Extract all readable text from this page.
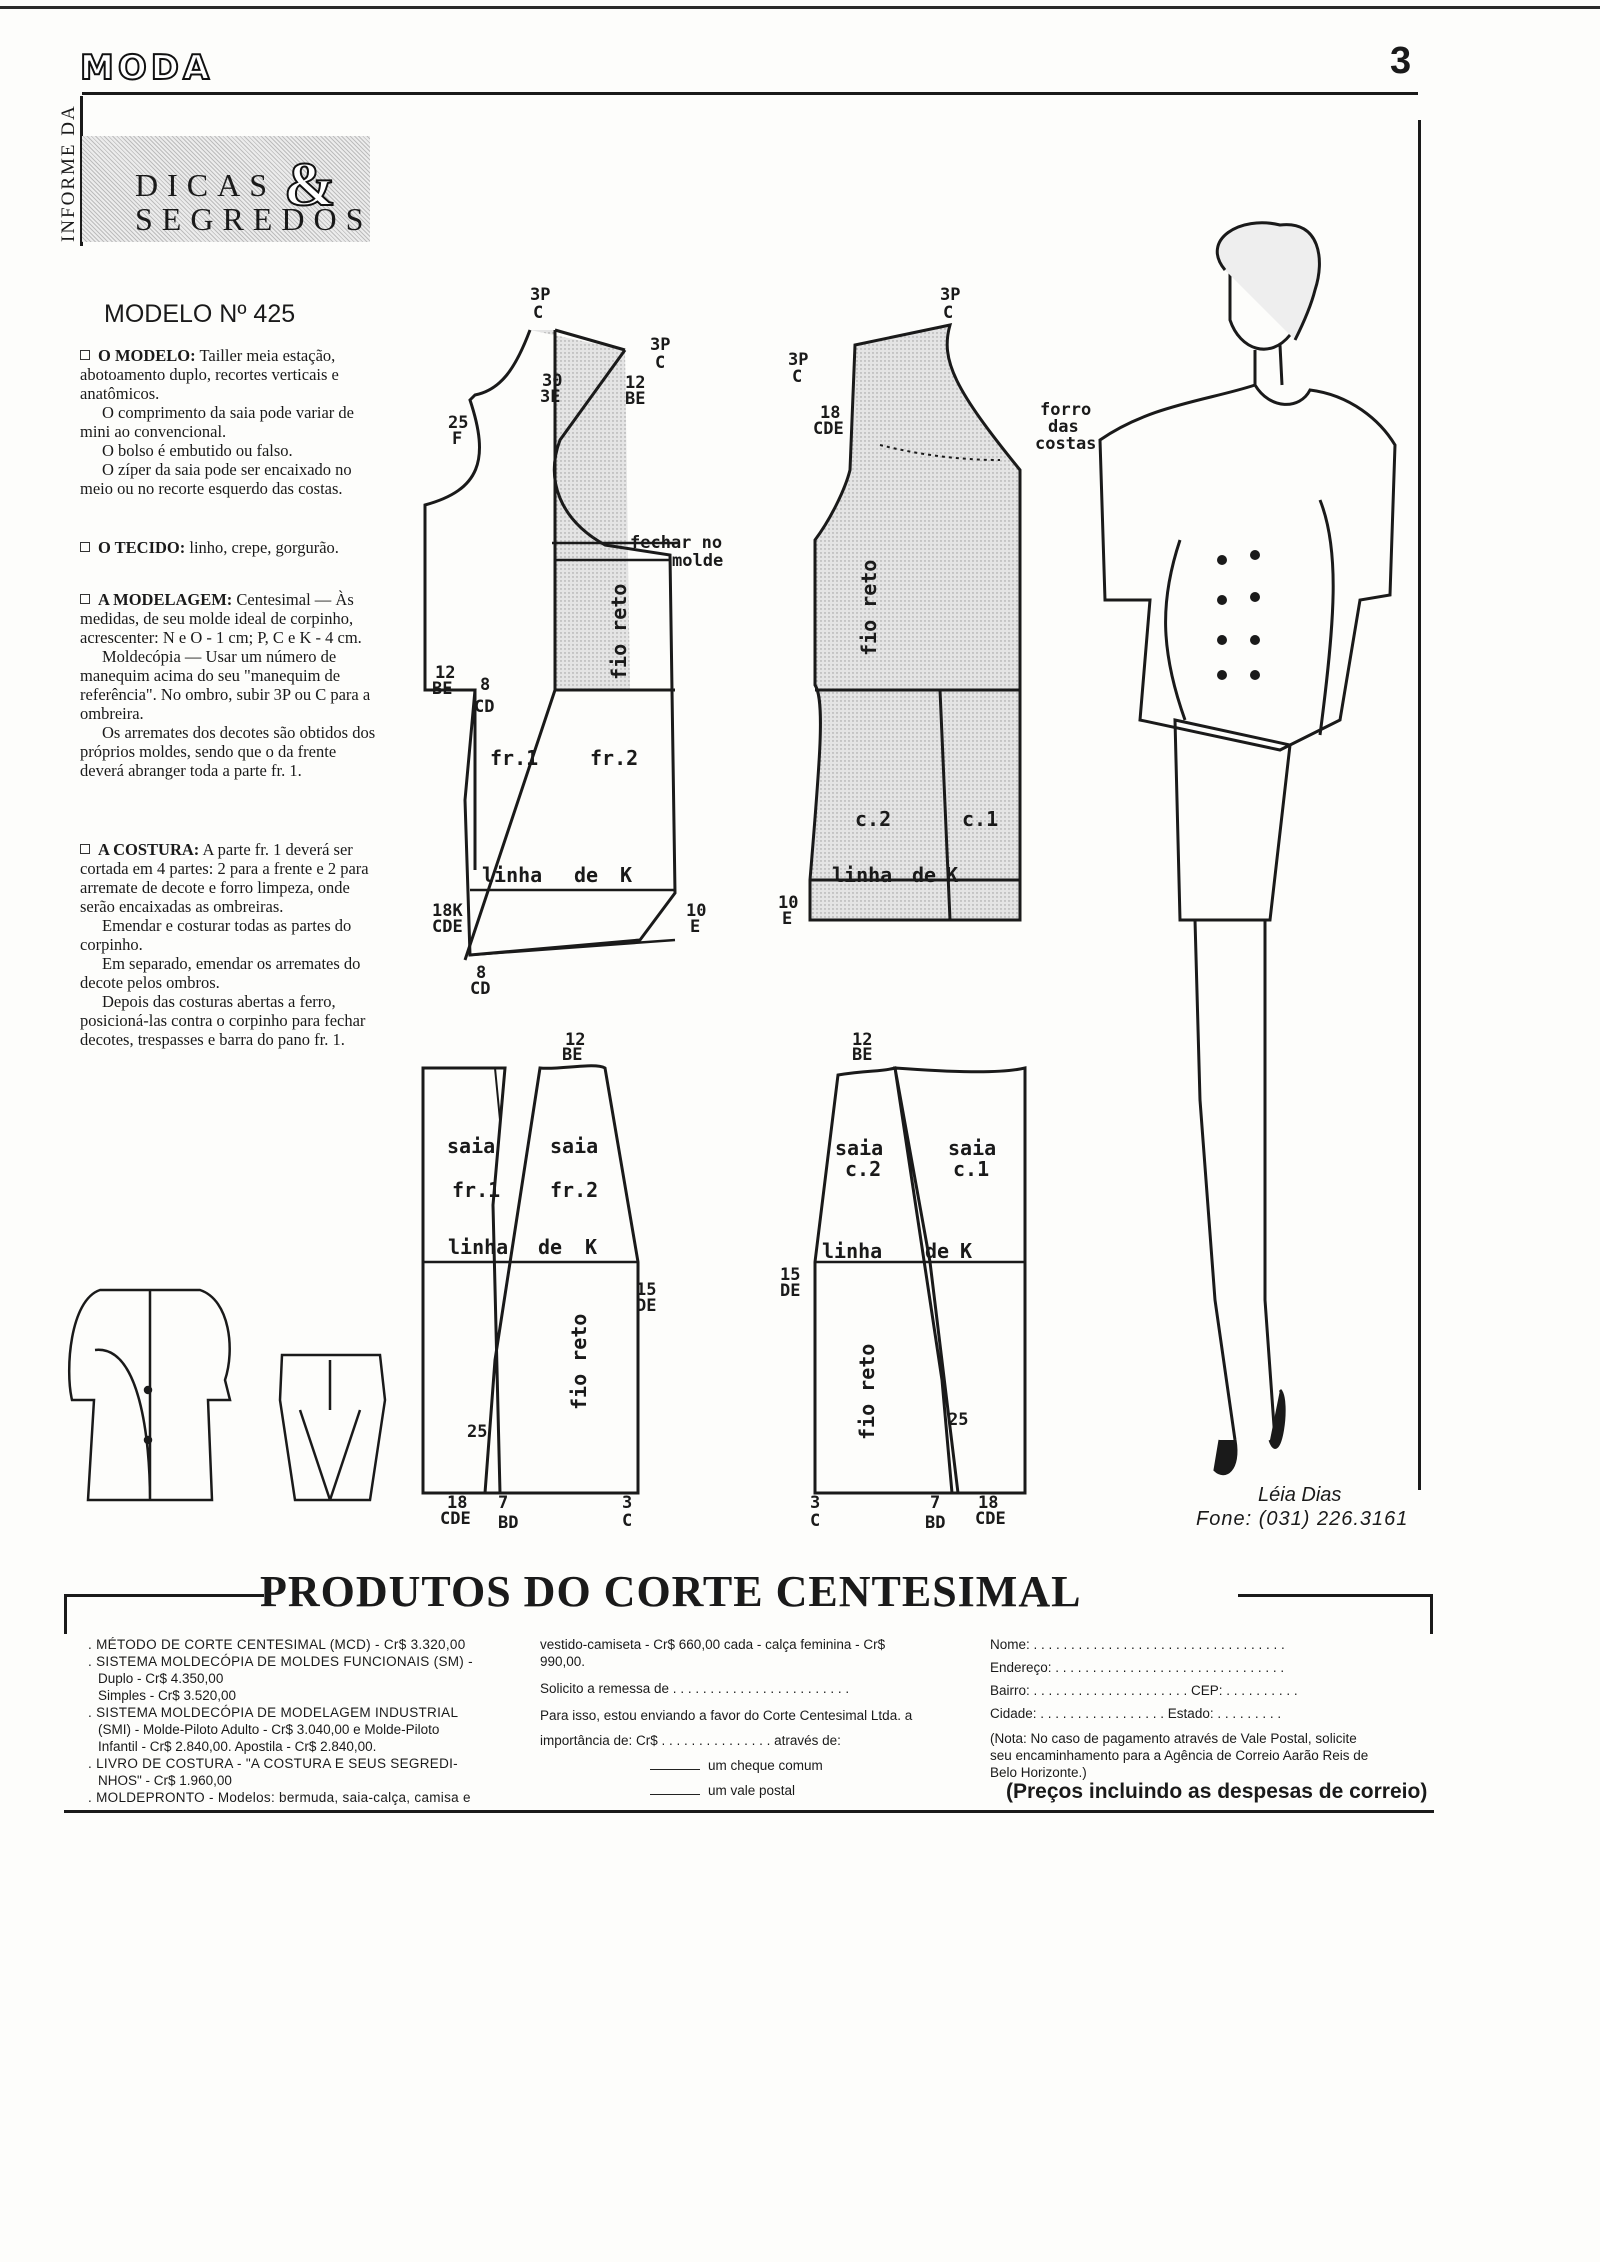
MODA	3
INFORME DA DICAS
SEGREDOS
&
MODELO Nº 425

O MODELO: Tailler meia estação, abotoamento duplo, recortes verticais e anatômicos.

O comprimento da saia pode variar de mini ao convencional.

O bolso é embutido ou falso.

O zíper da saia pode ser encaixado no meio ou no recorte esquerdo das costas.

O TECIDO: linho, crepe, gorgurão.

A MODELAGEM: Centesimal — Às medidas, de seu molde ideal de corpinho, acrescenter: N e O - 1 cm; P, C e K - 4 cm.

Moldecópia — Usar um número de manequim acima do seu "manequim de referência". No ombro, subir 3P ou C para a ombreira.

Os arremates dos decotes são obtidos dos próprios moldes, sendo que o da frente deverá abranger toda a parte fr. 1.

A COSTURA: A parte fr. 1 deverá ser cortada em 4 partes: 2 para a frente e 2 para arremate de decote e forro limpeza, onde serão encaixadas as ombreiras.

Emendar e costurar todas as partes do corpinho.

Em separado, emendar os arremates do decote pelos ombros.

Depois das costuras abertas a ferro, posicioná-las contra o corpinho para fechar decotes, trespasses e barra do pano fr. 1.

3P
C
3P
C
30
3E
12
BE
25
F
fechar no
molde
12
BE 8
CD
fr.1	fr.2
linha de K
10
E
18K
CDE
8
CD
3P
C
3P
C
18
CDE
forro
das
costas
c.2	c.1
linha de K
10
E
12
BE
saia
fr.1
saia
fr.2
linha de K
15
DE
25
18
CDE
7
BD
3
C
12
BE
saia
c.2
saia
c.1
linha de K
15
DE
25
3
C
7
BD
18
CDE
fio reto	fio reto
fio reto	fio reto
Léia Dias
Fone: (031) 226.3161
PRODUTOS DO CORTE CENTESIMAL

. MÉTODO DE CORTE CENTESIMAL (MCD) - Cr$ 3.320,00

. SISTEMA MOLDECÓPIA DE MOLDES FUNCIONAIS (SM) -

Duplo - Cr$ 4.350,00

Simples - Cr$ 3.520,00

. SISTEMA MOLDECÓPIA DE MODELAGEM INDUSTRIAL

(SMI) - Molde-Piloto Adulto - Cr$ 3.040,00 e Molde-Piloto

Infantil - Cr$ 2.840,00. Apostila - Cr$ 2.840,00.

. LIVRO DE COSTURA - "A COSTURA E SEUS SEGREDI-

NHOS" - Cr$ 1.960,00

. MOLDEPRONTO - Modelos: bermuda, saia-calça, camisa e

vestido-camiseta - Cr$ 660,00 cada - calça feminina - Cr$

990,00.

Solicito a remessa de . . . . . . . . . . . . . . . . . . . . . . . .

Para isso, estou enviando a favor do Corte Centesimal Ltda. a

importância de: Cr$ . . . . . . . . . . . . . . . através de:

um cheque comum

um vale postal

Nome: . . . . . . . . . . . . . . . . . . . . . . . . . . . . . . . . . .

Endereço: . . . . . . . . . . . . . . . . . . . . . . . . . . . . . . .

Bairro: . . . . . . . . . . . . . . . . . . . . . CEP: . . . . . . . . . .

Cidade: . . . . . . . . . . . . . . . . . Estado: . . . . . . . . .

(Nota: No caso de pagamento através de Vale Postal, solicite

seu encaminhamento para a Agência de Correio Aarão Reis de

Belo Horizonte.)

(Preços incluindo as despesas de correio)
